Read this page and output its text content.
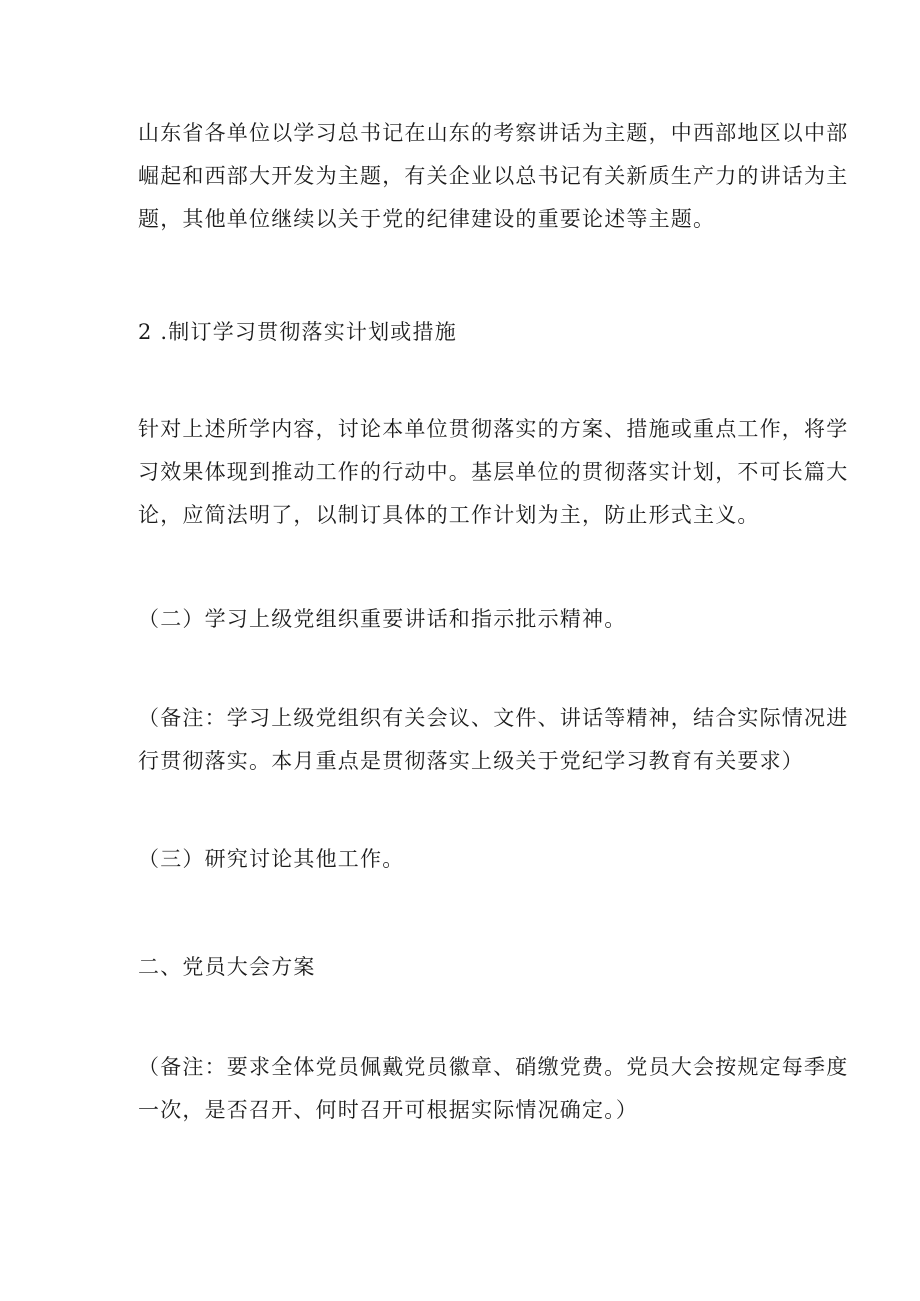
山东省各单位以学习总书记在山东的考察讲话为主题，中西部地区以中部
崛起和西部大开发为主题，有关企业以总书记有关新质生产力的讲话为主
题，其他单位继续以关于党的纪律建设的重要论述等主题。

2 .制订学习贯彻落实计划或措施

针对上述所学内容，讨论本单位贯彻落实的方案、措施或重点工作，将学
习效果体现到推动工作的行动中。基层单位的贯彻落实计划，不可长篇大
论，应简法明了，以制订具体的工作计划为主，防止形式主义。

（二）学习上级党组织重要讲话和指示批示精神。

（备注：学习上级党组织有关会议、文件、讲话等精神，结合实际情况进
行贯彻落实。本月重点是贯彻落实上级关于党纪学习教育有关要求）

（三）研究讨论其他工作。

二、党员大会方案

（备注：要求全体党员佩戴党员徽章、硝缴党费。党员大会按规定每季度
一次，是否召开、何时召开可根据实际情况确定。）
